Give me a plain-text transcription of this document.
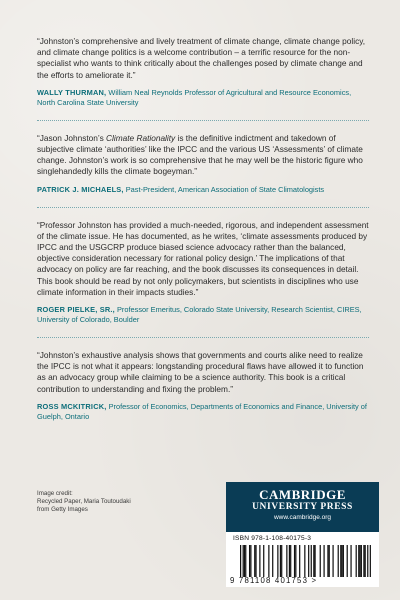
“Johnston’s comprehensive and lively treatment of climate change, climate change policy, and climate change politics is a welcome contribution – a terrific resource for the non-specialist who wants to think critically about the challenges posed by climate change and the efforts to ameliorate it.”

WALLY THURMAN, William Neal Reynolds Professor of Agricultural and Resource Economics, North Carolina State University

“Jason Johnston’s Climate Rationality is the definitive indictment and takedown of subjective climate ‘authorities’ like the IPCC and the various US ‘Assessments’ of climate change. Johnston’s work is so comprehensive that he may well be the historic figure who singlehandedly kills the climate bogeyman.”

PATRICK J. MICHAELS, Past-President, American Association of State Climatologists

“Professor Johnston has provided a much-needed, rigorous, and independent assessment of the climate issue. He has documented, as he writes, ‘climate assessments produced by IPCC and the USGCRP produce biased science advocacy rather than the balanced, objective consideration necessary for rational policy design.’ The implications of that advocacy on policy are far reaching, and the book discusses its consequences in detail. This book should be read by not only policymakers, but scientists in disciplines who use climate information in their impacts studies.”

ROGER PIELKE, SR., Professor Emeritus, Colorado State University, Research Scientist, CIRES, University of Colorado, Boulder

“Johnston’s exhaustive analysis shows that governments and courts alike need to realize the IPCC is not what it appears: longstanding procedural flaws have allowed it to function as an advocacy group while claiming to be a science authority. This book is a critical contribution to understanding and fixing the problem.”

ROSS MCKITRICK, Professor of Economics, Departments of Economics and Finance, University of Guelph, Ontario

Image credit:
Recycled Paper, Maria Toutoudaki
from Getty Images
CAMBRIDGE
UNIVERSITY PRESS
www.cambridge.org
ISBN 978-1-108-40175-3
9 781108 401753 >
